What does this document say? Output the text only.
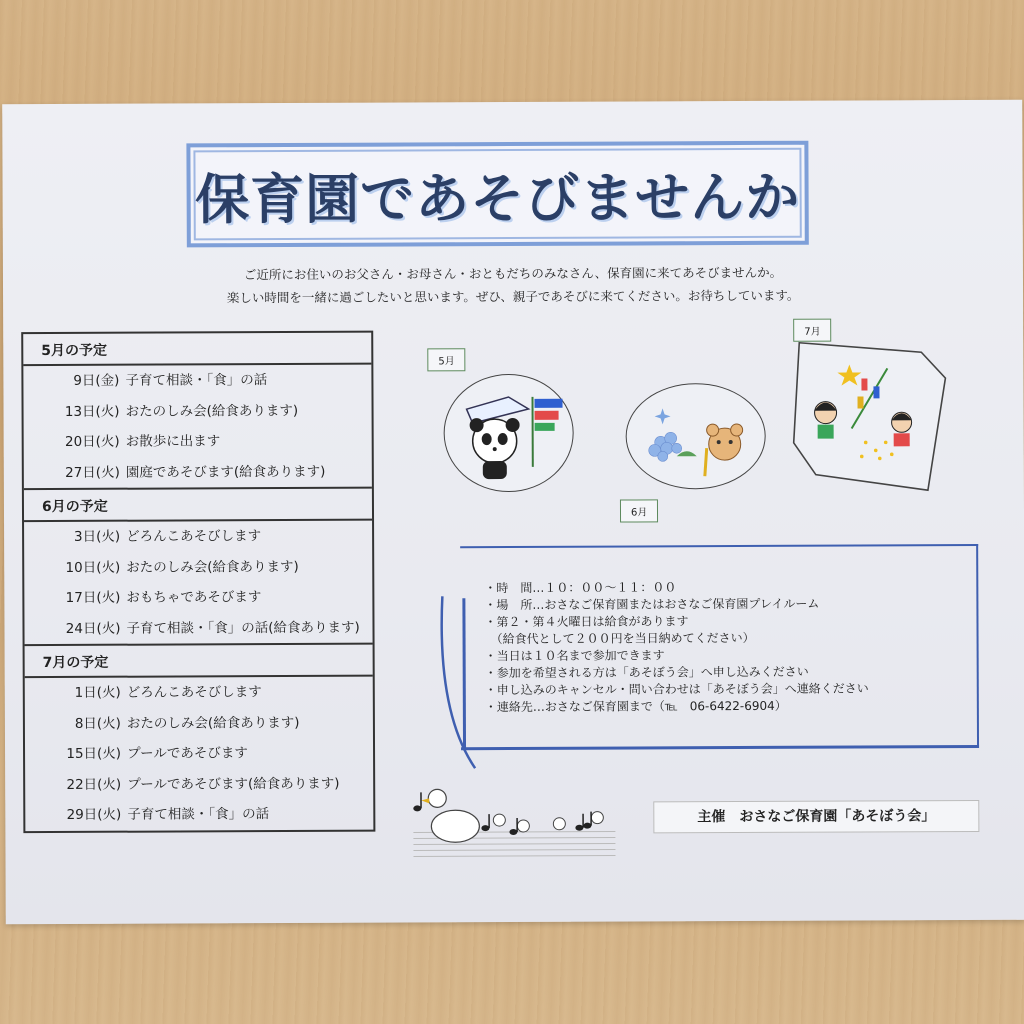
保育園であそびませんか
ご近所にお住いのお父さん・お母さん・おともだちのみなさん、保育園に来てあそびませんか。
楽しい時間を一緒に過ごしたいと思います。ぜひ、親子であそびに来てください。お待ちしています。
5月の予定
9日(金) 子育て相談・「食」の話
13日(火) おたのしみ会(給食あります)
20日(火) お散歩に出ます
27日(火) 園庭であそびます(給食あります)
6月の予定
3日(火) どろんこあそびします
10日(火) おたのしみ会(給食あります)
17日(火) おもちゃであそびます
24日(火) 子育て相談・「食」の話(給食あります)
7月の予定
1日(火) どろんこあそびします
8日(火) おたのしみ会(給食あります)
15日(火) プールであそびます
22日(火) プールであそびます(給食あります)
29日(火) 子育て相談・「食」の話
5月
6月
7月
・時　間…１０：００〜１１：００
・場　所…おさなご保育園またはおさなご保育園プレイルーム
・第２・第４火曜日は給食があります
　（給食代として２００円を当日納めてください）
・当日は１０名まで参加できます
・参加を希望される方は「あそぼう会」へ申し込みください
・申し込みのキャンセル・問い合わせは「あそぼう会」へ連絡ください
・連絡先…おさなご保育園まで（℡　06-6422-6904）
主催　おさなご保育園「あそぼう会」
